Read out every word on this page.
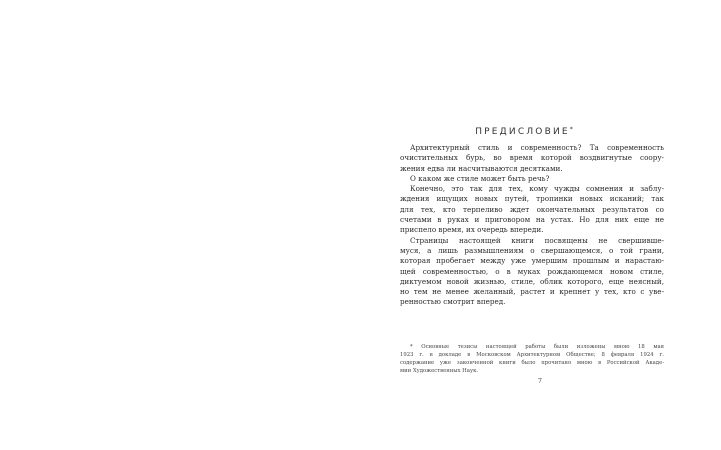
ПРЕДИСЛОВИЕ*
Архитектурный стиль и современность? Та современность
очистительных бурь, во время которой воздвигнутые соору-
жения едва ли насчитываются десятками.
О каком же стиле может быть речь?
Конечно, это так для тех, кому чужды сомнения и заблу-
ждения ищущих новых путей, тропинки новых исканий; так
для тех, кто терпеливо ждет окончательных результатов со
счетами в руках и приговором на устах. Но для них еще не
приспело время, их очередь впереди.
Страницы настоящей книги посвящены не свершивше-
муся, а лишь размышлениям о свершающемся, о той грани,
которая пробегает между уже умершим прошлым и нарастаю-
щей современностью, о в муках рождающемся новом стиле,
диктуемом новой жизнью, стиле, облик которого, еще неясный,
но тем не менее желанный, растет и крепнет у тех, кто с уве-
ренностью смотрит вперед.
* Основные тезисы настоящей работы были изложены мною 18 мая
1923 г. в докладе в Московском Архитектурном Обществе; 8 февраля 1924 г.
содержание уже законченной книги было прочитано мною в Российской Акаде-
мии Художественных Наук.
7
